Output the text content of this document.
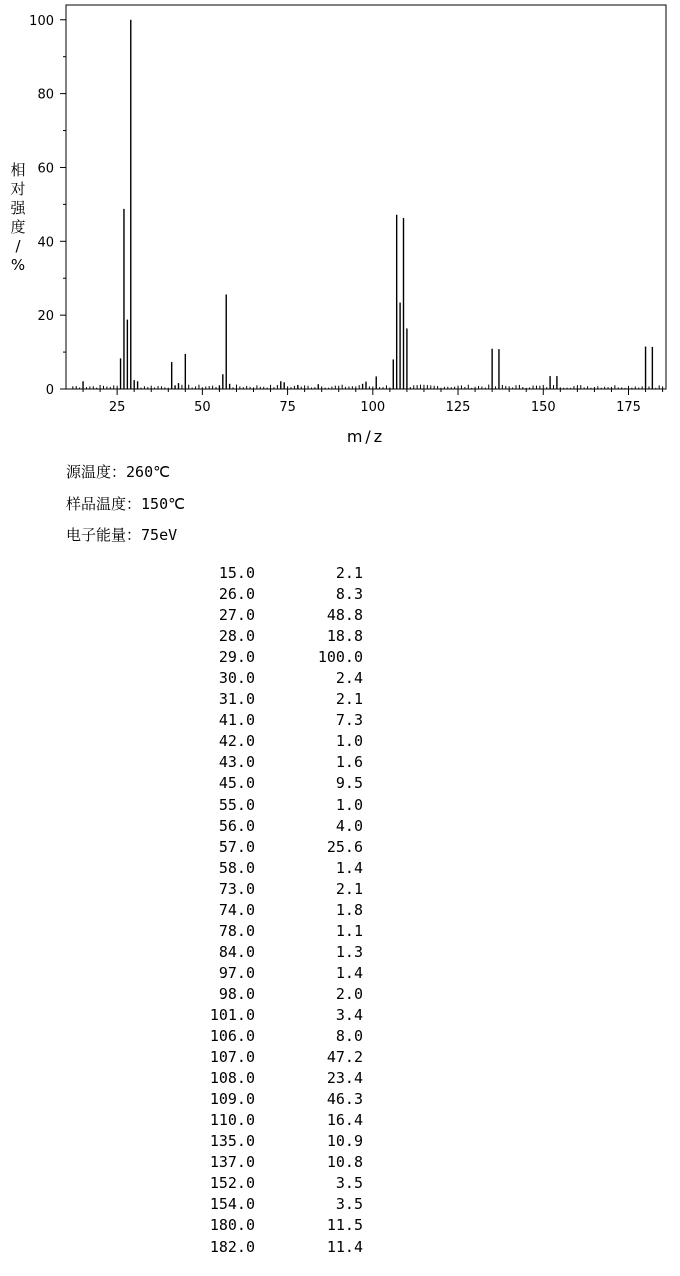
0
20
40
60
80
100
25	50	75	100	125	150	175
m/z
相
对
强
度
/
%
源温度：260℃
样品温度：150℃
电子能量：75eV
15.0	2.1
26.0	8.3
27.0	48.8
28.0	18.8
29.0	100.0
30.0	2.4
31.0	2.1
41.0	7.3
42.0	1.0
43.0	1.6
45.0	9.5
55.0	1.0
56.0	4.0
57.0	25.6
58.0	1.4
73.0	2.1
74.0	1.8
78.0	1.1
84.0	1.3
97.0	1.4
98.0	2.0
101.0	3.4
106.0	8.0
107.0	47.2
108.0	23.4
109.0	46.3
110.0	16.4
135.0	10.9
137.0	10.8
152.0	3.5
154.0	3.5
180.0	11.5
182.0	11.4
